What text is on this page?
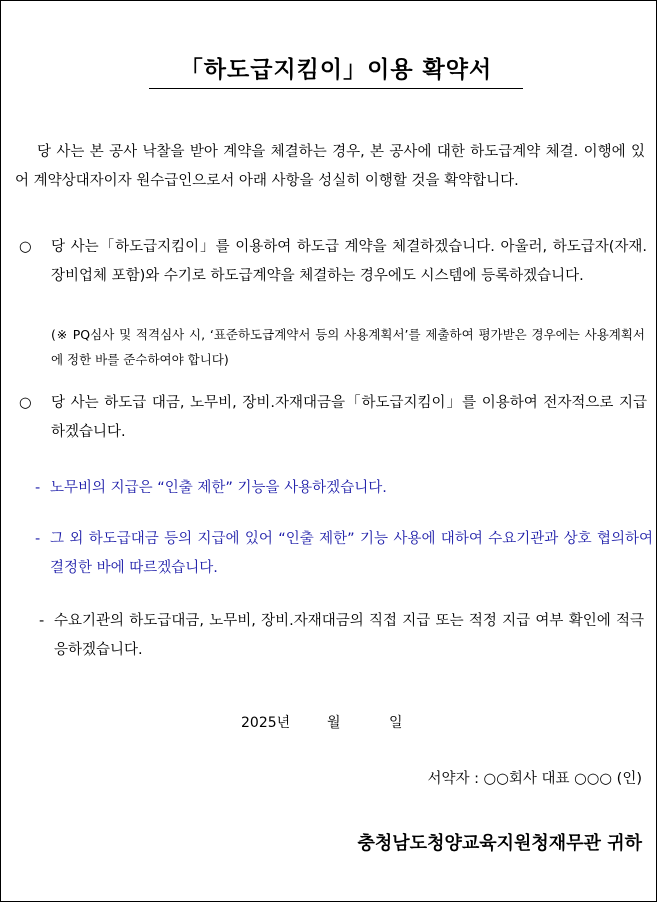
「하도급지킴이」이용 확약서
당 사는 본 공사 낙찰을 받아 계약을 체결하는 경우, 본 공사에 대한 하도급계약 체결. 이행에 있어 계약상대자이자 원수급인으로서 아래 사항을 성실히 이행할 것을 확약합니다.
○ 당 사는「하도급지킴이」를 이용하여 하도급 계약을 체결하겠습니다. 아울러, 하도급자(자재.장비업체 포함)와 수기로 하도급계약을 체결하는 경우에도 시스템에 등록하겠습니다.
(※ PQ심사 및 적격심사 시, ‘표준하도급계약서 등의 사용계획서’를 제출하여 평가받은 경우에는 사용계획서에 정한 바를 준수하여야 합니다)
○ 당 사는 하도급 대금, 노무비, 장비.자재대금을「하도급지킴이」를 이용하여 전자적으로 지급하겠습니다.
- 노무비의 지급은 “인출 제한” 기능을 사용하겠습니다.
- 그 외 하도급대금 등의 지급에 있어 “인출 제한” 기능 사용에 대하여 수요기관과 상호 협의하여 결정한 바에 따르겠습니다.
- 수요기관의 하도급대금, 노무비, 장비.자재대금의 직접 지급 또는 적정 지급 여부 확인에 적극 응하겠습니다.
2025년	월	일
서약자 : ○○회사 대표 ○○○ (인)
충청남도청양교육지원청재무관 귀하
